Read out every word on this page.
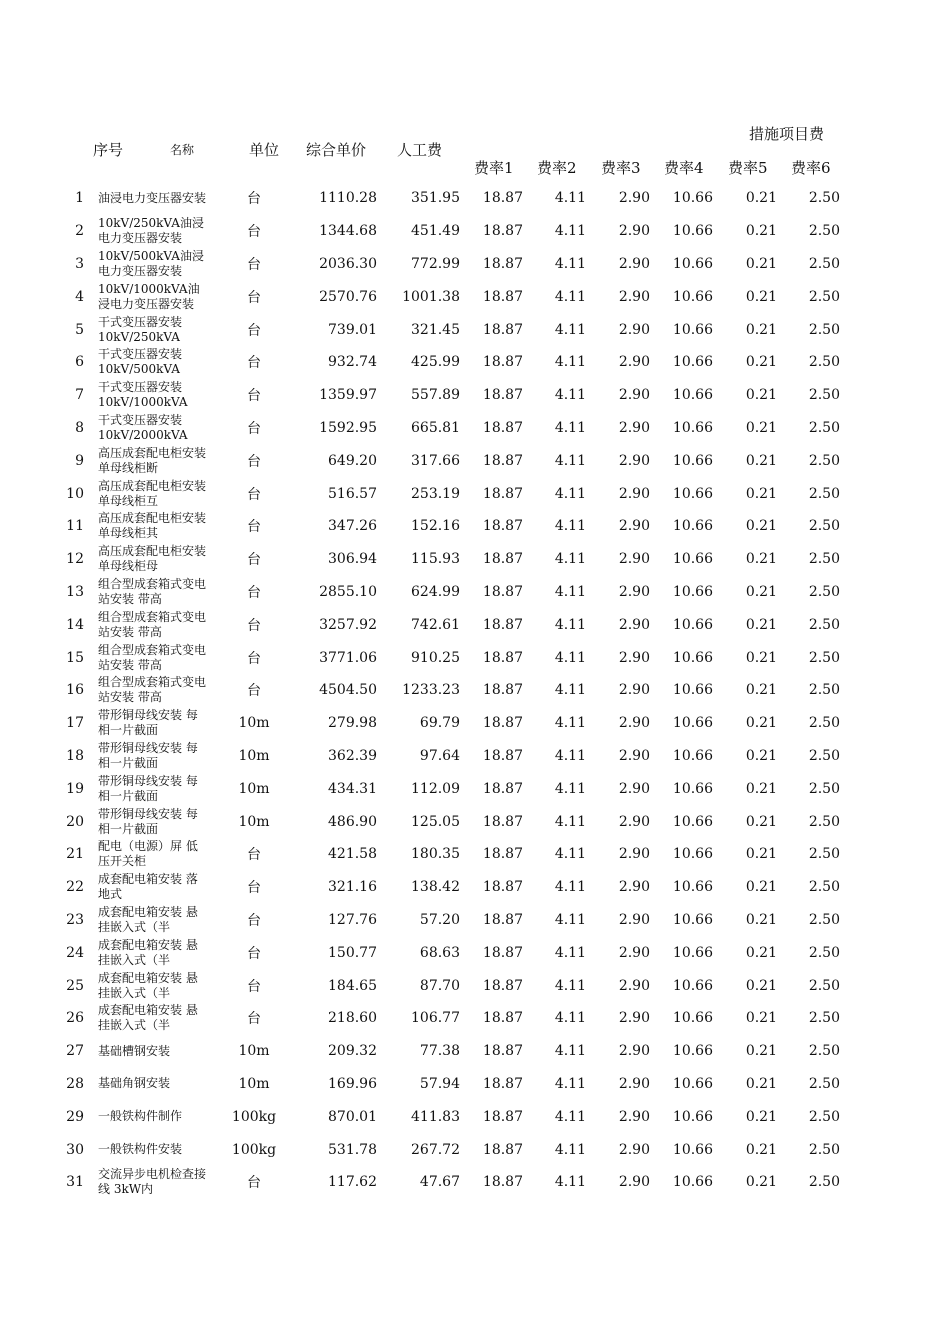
措施项目费
序号	名称	单位 综合单价 人工费
费率1 费率2 费率3 费率4 费率5 费率6
1	油浸电力变压器安装	台	1110.28	351.95	18.87	4.11	2.90	10.66	0.21	2.50
2	10kV/250kVA油浸电力变压器安装	台	1344.68	451.49	18.87	4.11	2.90	10.66	0.21	2.50
3	10kV/500kVA油浸电力变压器安装	台	2036.30	772.99	18.87	4.11	2.90	10.66	0.21	2.50
4	10kV/1000kVA油浸电力变压器安装	台	2570.76	1001.38	18.87	4.11	2.90	10.66	0.21	2.50
5	干式变压器安装 10kV/250kVA	台	739.01	321.45	18.87	4.11	2.90	10.66	0.21	2.50
6	干式变压器安装 10kV/500kVA	台	932.74	425.99	18.87	4.11	2.90	10.66	0.21	2.50
7	干式变压器安装 10kV/1000kVA	台	1359.97	557.89	18.87	4.11	2.90	10.66	0.21	2.50
8	干式变压器安装 10kV/2000kVA	台	1592.95	665.81	18.87	4.11	2.90	10.66	0.21	2.50
9	高压成套配电柜安装 单母线柜断	台	649.20	317.66	18.87	4.11	2.90	10.66	0.21	2.50
10	高压成套配电柜安装 单母线柜互	台	516.57	253.19	18.87	4.11	2.90	10.66	0.21	2.50
11	高压成套配电柜安装 单母线柜其	台	347.26	152.16	18.87	4.11	2.90	10.66	0.21	2.50
12	高压成套配电柜安装 单母线柜母	台	306.94	115.93	18.87	4.11	2.90	10.66	0.21	2.50
13	组合型成套箱式变电站安装 带高	台	2855.10	624.99	18.87	4.11	2.90	10.66	0.21	2.50
14	组合型成套箱式变电站安装 带高	台	3257.92	742.61	18.87	4.11	2.90	10.66	0.21	2.50
15	组合型成套箱式变电站安装 带高	台	3771.06	910.25	18.87	4.11	2.90	10.66	0.21	2.50
16	组合型成套箱式变电站安装 带高	台	4504.50	1233.23	18.87	4.11	2.90	10.66	0.21	2.50
17	带形铜母线安装 每相一片截面	10m	279.98	69.79	18.87	4.11	2.90	10.66	0.21	2.50
18	带形铜母线安装 每相一片截面	10m	362.39	97.64	18.87	4.11	2.90	10.66	0.21	2.50
19	带形铜母线安装 每相一片截面	10m	434.31	112.09	18.87	4.11	2.90	10.66	0.21	2.50
20	带形铜母线安装 每相一片截面	10m	486.90	125.05	18.87	4.11	2.90	10.66	0.21	2.50
21	配电（电源）屏 低压开关柜	台	421.58	180.35	18.87	4.11	2.90	10.66	0.21	2.50
22	成套配电箱安装 落地式	台	321.16	138.42	18.87	4.11	2.90	10.66	0.21	2.50
23	成套配电箱安装 悬挂嵌入式（半	台	127.76	57.20	18.87	4.11	2.90	10.66	0.21	2.50
24	成套配电箱安装 悬挂嵌入式（半	台	150.77	68.63	18.87	4.11	2.90	10.66	0.21	2.50
25	成套配电箱安装 悬挂嵌入式（半	台	184.65	87.70	18.87	4.11	2.90	10.66	0.21	2.50
26	成套配电箱安装 悬挂嵌入式（半	台	218.60	106.77	18.87	4.11	2.90	10.66	0.21	2.50
27	基础槽钢安装	10m	209.32	77.38	18.87	4.11	2.90	10.66	0.21	2.50
28	基础角钢安装	10m	169.96	57.94	18.87	4.11	2.90	10.66	0.21	2.50
29	一般铁构件制作	100kg	870.01	411.83	18.87	4.11	2.90	10.66	0.21	2.50
30	一般铁构件安装	100kg	531.78	267.72	18.87	4.11	2.90	10.66	0.21	2.50
31	交流异步电机检查接线 3kW内	台	117.62	47.67	18.87	4.11	2.90	10.66	0.21	2.50
